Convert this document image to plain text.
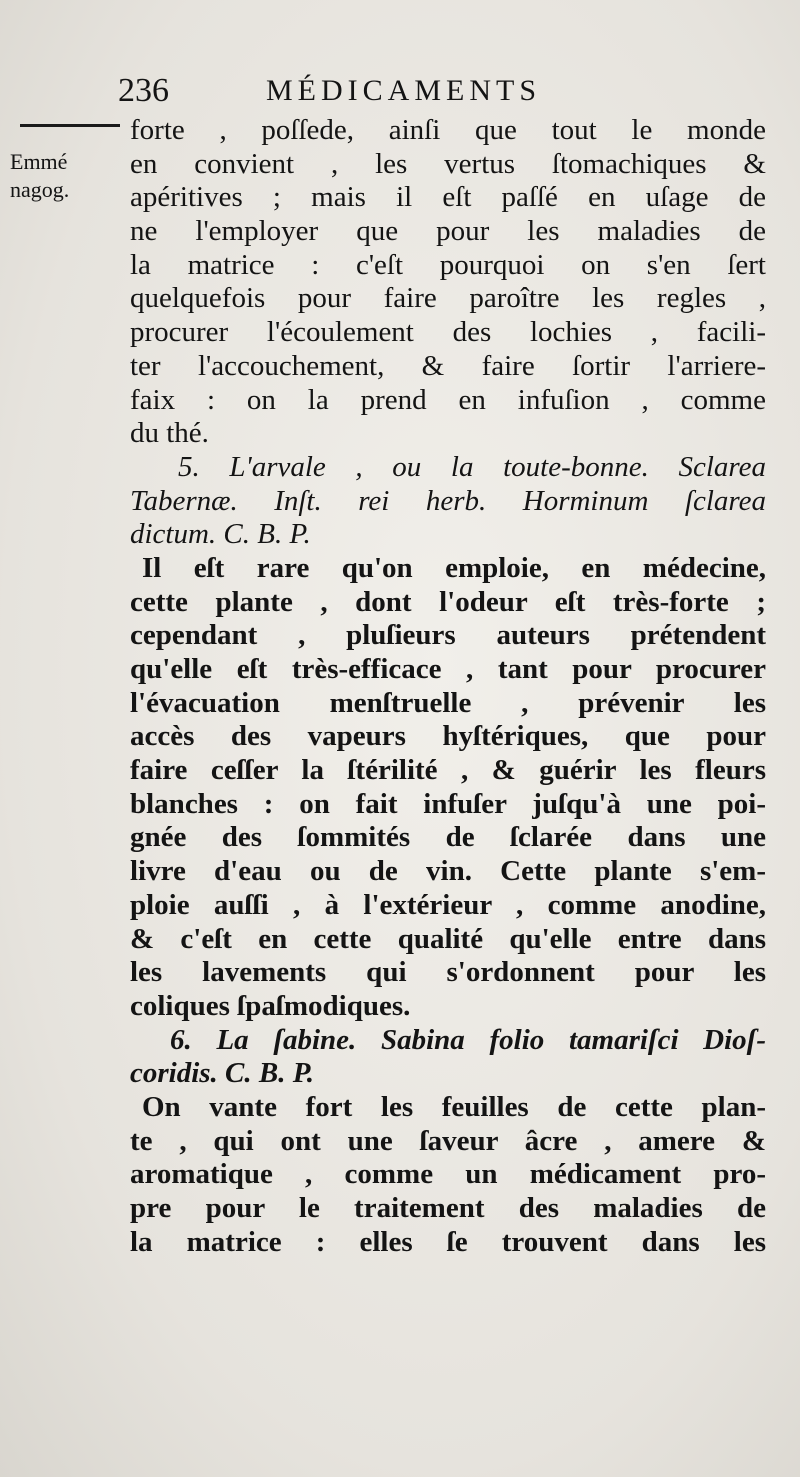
236	MÉDICAMENTS
Emmé
nagog.
forte , poſſede, ainſi que tout le monde
en convient , les vertus ſtomachiques &
apéritives ; mais il eſt paſſé en uſage de
ne l'employer que pour les maladies de
la matrice : c'eſt pourquoi on s'en ſert
quelquefois pour faire paroître les regles ,
procurer l'écoulement des lochies , facili-
ter l'accouchement, & faire ſortir l'arriere-
faix : on la prend en infuſion , comme
du thé.
5. L'arvale , ou la toute-bonne. Sclarea
Tabernæ. Inſt. rei herb. Horminum ſclarea
dictum. C. B. P.
Il eſt rare qu'on emploie, en médecine,
cette plante , dont l'odeur eſt très-forte ;
cependant , pluſieurs auteurs prétendent
qu'elle eſt très-efficace , tant pour procurer
l'évacuation menſtruelle , prévenir les
accès des vapeurs hyſtériques, que pour
faire ceſſer la ſtérilité , & guérir les fleurs
blanches : on fait infuſer juſqu'à une poi-
gnée des ſommités de ſclarée dans une
livre d'eau ou de vin. Cette plante s'em-
ploie auſſi , à l'extérieur , comme anodine,
& c'eſt en cette qualité qu'elle entre dans
les lavements qui s'ordonnent pour les
coliques ſpaſmodiques.
6. La ſabine. Sabina folio tamariſci Dioſ-
coridis. C. B. P.
On vante fort les feuilles de cette plan-
te , qui ont une ſaveur âcre , amere &
aromatique , comme un médicament pro-
pre pour le traitement des maladies de
la matrice : elles ſe trouvent dans les
